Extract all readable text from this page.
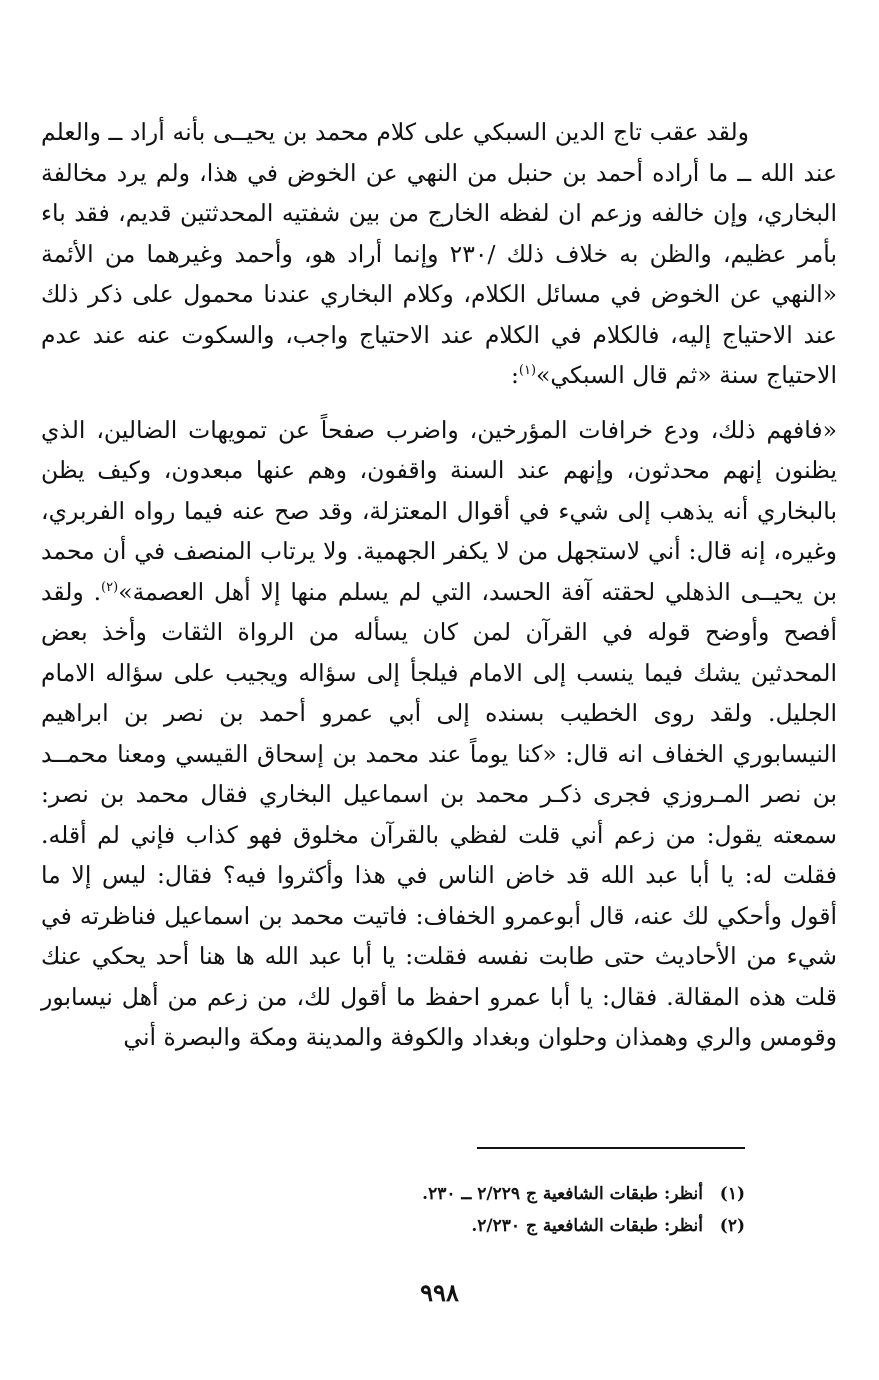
ولقد عقب تاج الدين السبكي على كلام محمد بن يحيــى بأنه أراد ــ والعلم عند الله ــ ما أراده أحمد بن حنبل من النهي عن الخوض في هذا، ولم يرد مخالفة البخاري، وإن خالفه وزعم ان لفظه الخارج من بين شفتيه المحدثتين قديم، فقد باء بأمر عظيم، والظن به خلاف ذلك /٢٣٠ وإنما أراد هو، وأحمد وغيرهما من الأئمة «النهي عن الخوض في مسائل الكلام، وكلام البخاري عندنا محمول على ذكر ذلك عند الاحتياج إليه، فالكلام في الكلام عند الاحتياج واجب، والسكوت عنه عند عدم الاحتياج سنة «ثم قال السبكي»$^{(١)}$:

«فافهم ذلك، ودع خرافات المؤرخين، واضرب صفحاً عن تمويهات الضالين، الذي يظنون إنهم محدثون، وإنهم عند السنة واقفون، وهم عنها مبعدون، وكيف يظن بالبخاري أنه يذهب إلى شيء في أقوال المعتزلة، وقد صح عنه فيما رواه الفربري، وغيره، إنه قال: أني لاستجهل من لا يكفر الجهمية. ولا يرتاب المنصف في أن محمد بن يحيــى الذهلي لحقته آفة الحسد، التي لم يسلم منها إلا أهل العصمة»$^{(٢)}$. ولقد أفصح وأوضح قوله في القرآن لمن كان يسأله من الرواة الثقات وأخذ بعض المحدثين يشك فيما ينسب إلى الامام فيلجأ إلى سؤاله ويجيب على سؤاله الامام الجليل. ولقد روى الخطيب بسنده إلى أبي عمرو أحمد بن نصر بن ابراهيم النيسابوري الخفاف انه قال: «كنا يوماً عند محمد بن إسحاق القيسي ومعنا محمــد بن نصر المـروزي فجرى ذكـر محمد بن اسماعيل البخاري فقال محمد بن نصر: سمعته يقول: من زعم أني قلت لفظي بالقرآن مخلوق فهو كذاب فإني لم أقله. فقلت له: يا أبا عبد الله قد خاض الناس في هذا وأكثروا فيه؟ فقال: ليس إلا ما أقول وأحكي لك عنه، قال أبوعمرو الخفاف: فاتيت محمد بن اسماعيل فناظرته في شيء من الأحاديث حتى طابت نفسه فقلت: يا أبا عبد الله ها هنا أحد يحكي عنك قلت هذه المقالة. فقال: يا أبا عمرو احفظ ما أقول لك، من زعم من أهل نيسابور وقومس والري وهمذان وحلوان وبغداد والكوفة والمدينة ومكة والبصرة أني

(١)أنظر: طبقات الشافعية ج ٢/٢٢٩ ــ ٢٣٠.
(٢)أنظر: طبقات الشافعية ج ٢/٢٣٠.
٩٩٨
